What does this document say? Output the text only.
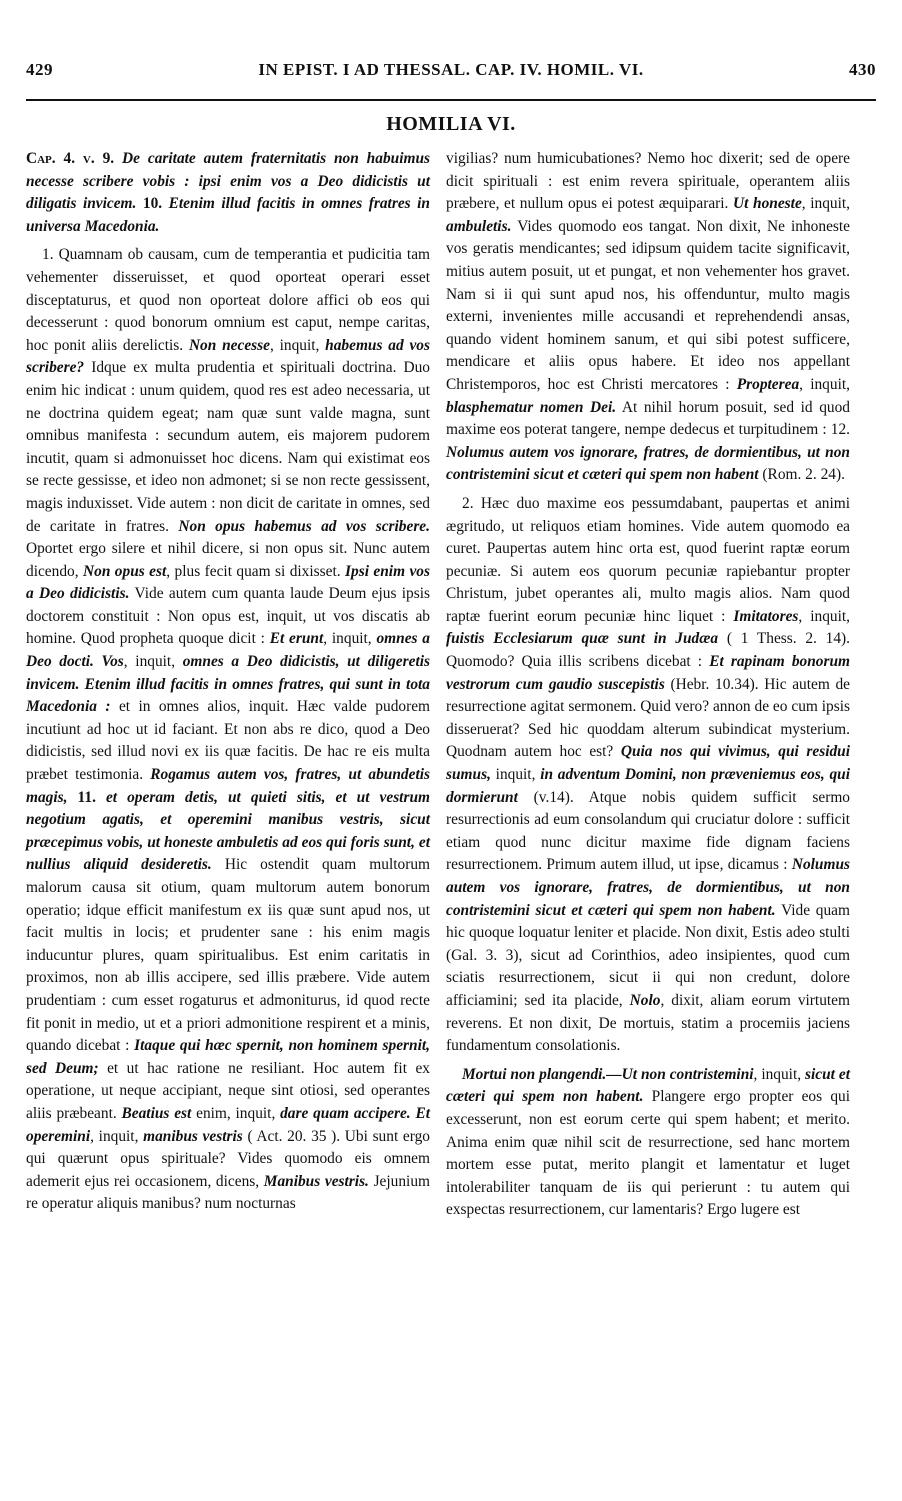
429	IN EPIST. I AD THESSAL. CAP. IV. HOMIL. VI.	430
HOMILIA VI.

Cap. 4. v. 9. De caritate autem fraternitatis non habuimus necesse scribere vobis : ipsi enim vos a Deo didicistis ut diligatis invicem. 10. Etenim illud facitis in omnes fratres in universa Macedonia.

1. Quamnam ob causam, cum de temperantia et pudicitia tam vehementer disseruisset, et quod oporteat operari esset disceptaturus, et quod non oporteat dolore affici ob eos qui decesserunt : quod bonorum omnium est caput, nempe caritas, hoc ponit aliis derelictis. Non necesse, inquit, habemus ad vos scribere? Idque ex multa prudentia et spirituali doctrina. Duo enim hic indicat : unum quidem, quod res est adeo necessaria, ut ne doctrina quidem egeat; nam quæ sunt valde magna, sunt omnibus manifesta : secundum autem, eis majorem pudorem incutit, quam si admonuisset hoc dicens. Nam qui existimat eos se recte gessisse, et ideo non admonet; si se non recte gessissent, magis induxisset. Vide autem : non dicit de caritate in omnes, sed de caritate in fratres. Non opus habemus ad vos scribere. Oportet ergo silere et nihil dicere, si non opus sit. Nunc autem dicendo, Non opus est, plus fecit quam si dixisset. Ipsi enim vos a Deo didicistis. Vide autem cum quanta laude Deum ejus ipsis doctorem constituit : Non opus est, inquit, ut vos discatis ab homine. Quod propheta quoque dicit : Et erunt, inquit, omnes a Deo docti. Vos, inquit, omnes a Deo didicistis, ut diligeretis invicem. Etenim illud facitis in omnes fratres, qui sunt in tota Macedonia : et in omnes alios, inquit. Hæc valde pudorem incutiunt ad hoc ut id faciant. Et non abs re dico, quod a Deo didicistis, sed illud novi ex iis quæ facitis. De hac re eis multa præbet testimonia. Rogamus autem vos, fratres, ut abundetis magis, 11. et operam detis, ut quieti sitis, et ut vestrum negotium agatis, et operemini manibus vestris, sicut præcepimus vobis, ut honeste ambuletis ad eos qui foris sunt, et nullius aliquid desideretis. Hic ostendit quam multorum malorum causa sit otium, quam multorum autem bonorum operatio; idque efficit manifestum ex iis quæ sunt apud nos, ut facit multis in locis; et prudenter sane : his enim magis inducuntur plures, quam spiritualibus. Est enim caritatis in proximos, non ab illis accipere, sed illis præbere. Vide autem prudentiam : cum esset rogaturus et admoniturus, id quod recte fit ponit in medio, ut et a priori admonitione respirent et a minis, quando dicebat : Itaque qui hæc spernit, non hominem spernit, sed Deum; et ut hac ratione ne resiliant. Hoc autem fit ex operatione, ut neque accipiant, neque sint otiosi, sed operantes aliis præbeant. Beatius est enim, inquit, dare quam accipere. Et operemini, inquit, manibus vestris ( Act. 20. 35 ). Ubi sunt ergo qui quærunt opus spirituale? Vides quomodo eis omnem ademerit ejus rei occasionem, dicens, Manibus vestris. Jejunium re operatur aliquis manibus? num nocturnas

vigilias? num humicubationes? Nemo hoc dixerit; sed de opere dicit spirituali : est enim revera spirituale, operantem aliis præbere, et nullum opus ei potest æquiparari. Ut honeste, inquit, ambuletis. Vides quomodo eos tangat. Non dixit, Ne inhoneste vos geratis mendicantes; sed idipsum quidem tacite significavit, mitius autem posuit, ut et pungat, et non vehementer hos gravet. Nam si ii qui sunt apud nos, his offenduntur, multo magis externi, invenientes mille accusandi et reprehendendi ansas, quando vident hominem sanum, et qui sibi potest sufficere, mendicare et aliis opus habere. Et ideo nos appellant Christemporos, hoc est Christi mercatores : Propterea, inquit, blasphematur nomen Dei. At nihil horum posuit, sed id quod maxime eos poterat tangere, nempe dedecus et turpitudinem : 12. Nolumus autem vos ignorare, fratres, de dormientibus, ut non contristemini sicut et cæteri qui spem non habent (Rom. 2. 24).

2. Hæc duo maxime eos pessumdabant, paupertas et animi ægritudo, ut reliquos etiam homines. Vide autem quomodo ea curet. Paupertas autem hinc orta est, quod fuerint raptæ eorum pecuniæ. Si autem eos quorum pecuniæ rapiebantur propter Christum, jubet operantes ali, multo magis alios. Nam quod raptæ fuerint eorum pecuniæ hinc liquet : Imitatores, inquit, fuistis Ecclesiarum quæ sunt in Judæa ( 1 Thess. 2. 14). Quomodo? Quia illis scribens dicebat : Et rapinam bonorum vestrorum cum gaudio suscepistis (Hebr. 10.34). Hic autem de resurrectione agitat sermonem. Quid vero? annon de eo cum ipsis disseruerat? Sed hic quoddam alterum subindicat mysterium. Quodnam autem hoc est? Quia nos qui vivimus, qui residui sumus, inquit, in adventum Domini, non præveniemus eos, qui dormierunt (v.14). Atque nobis quidem sufficit sermo resurrectionis ad eum consolandum qui cruciatur dolore : sufficit etiam quod nunc dicitur maxime fide dignam faciens resurrectionem. Primum autem illud, ut ipse, dicamus : Nolumus autem vos ignorare, fratres, de dormientibus, ut non contristemini sicut et cæteri qui spem non habent. Vide quam hic quoque loquatur leniter et placide. Non dixit, Estis adeo stulti (Gal. 3. 3), sicut ad Corinthios, adeo insipientes, quod cum sciatis resurrectionem, sicut ii qui non credunt, dolore afficiamini; sed ita placide, Nolo, dixit, aliam eorum virtutem reverens. Et non dixit, De mortuis, statim a procemiis jaciens fundamentum consolationis.

Mortui non plangendi.—Ut non contristemini, inquit, sicut et cæteri qui spem non habent. Plangere ergo propter eos qui excesserunt, non est eorum certe qui spem habent; et merito. Anima enim quæ nihil scit de resurrectione, sed hanc mortem mortem esse putat, merito plangit et lamentatur et luget intolerabiliter tanquam de iis qui perierunt : tu autem qui exspectas resurrectionem, cur lamentaris? Ergo lugere est
